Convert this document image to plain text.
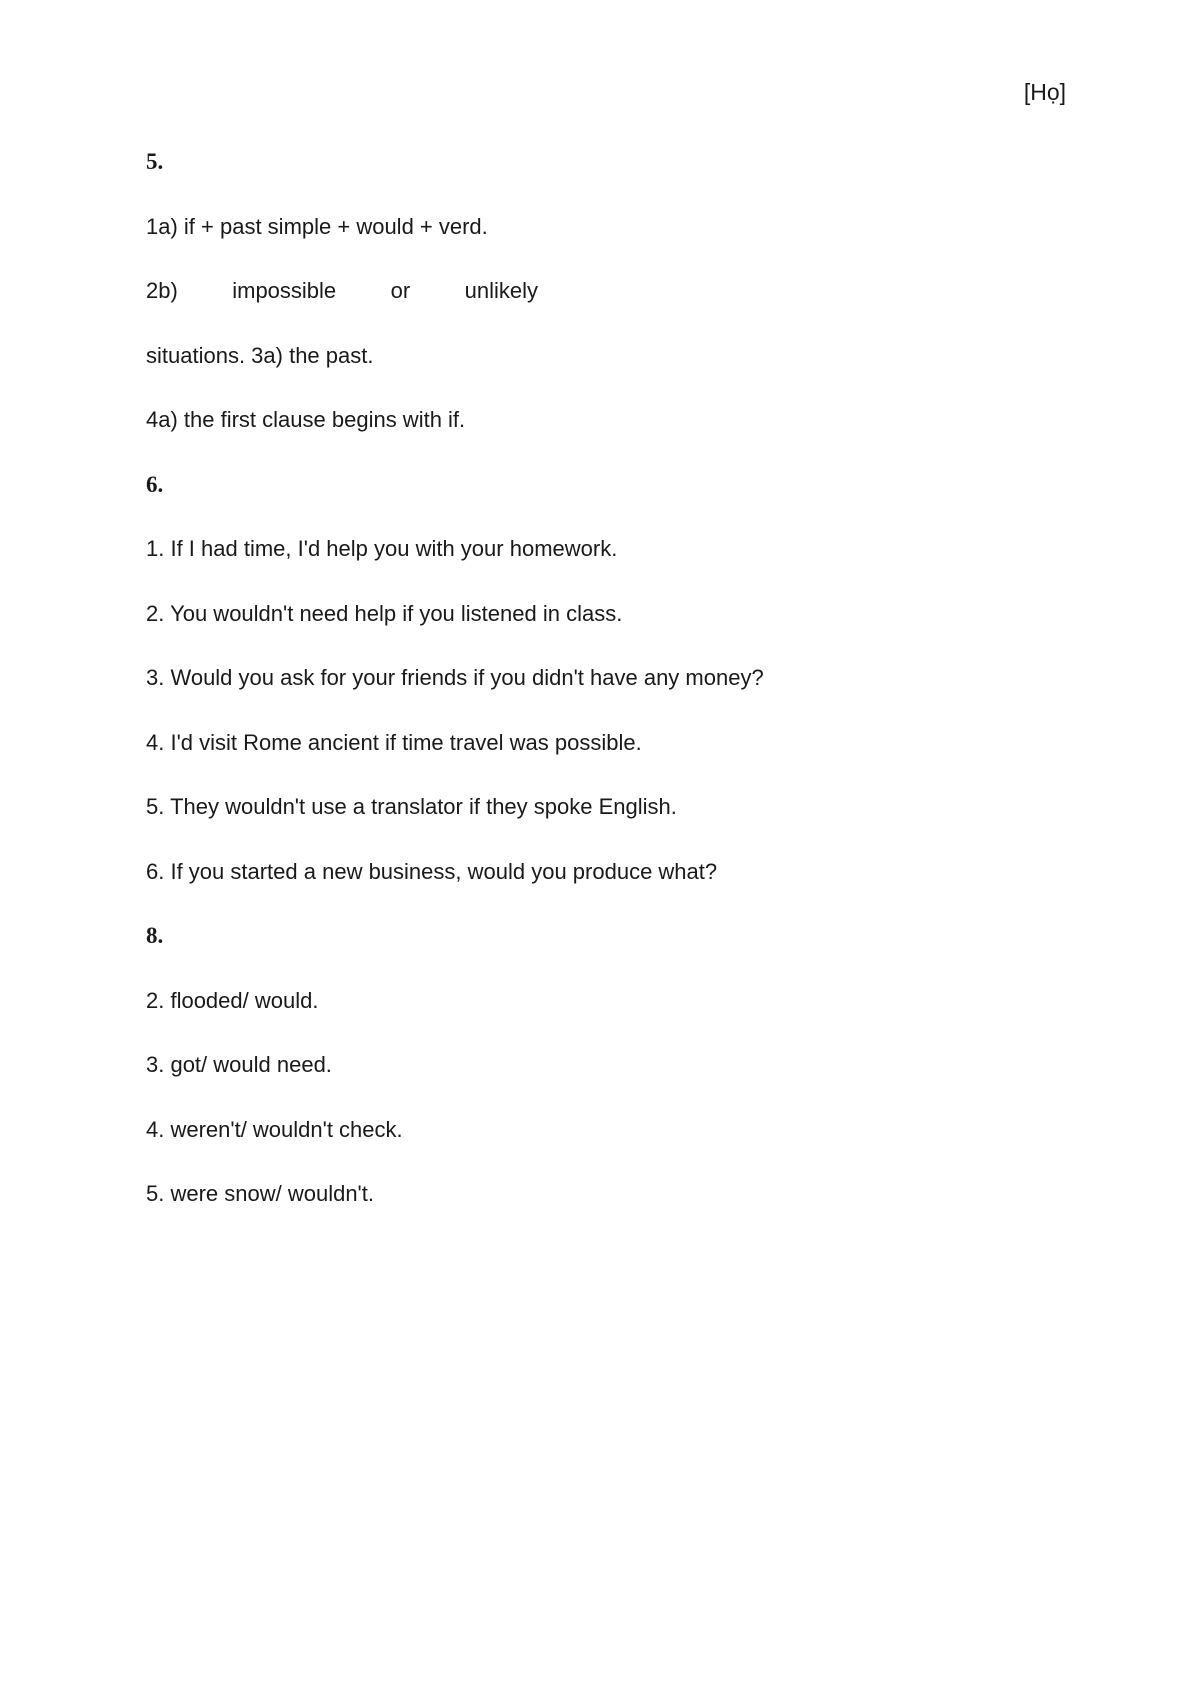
[Họ]
5.
1a) if + past simple + would + verd.
2b) impossible or unlikely
situations. 3a) the past.
4a) the first clause begins with if.
6.
1. If I had time, I'd help you with your homework.
2. You wouldn't need help if you listened in class.
3. Would you ask for your friends if you didn't have any money?
4. I'd visit Rome ancient if time travel was possible.
5. They wouldn't use a translator if they spoke English.
6. If you started a new business, would you produce what?
8.
2. flooded/ would.
3. got/ would need.
4. weren't/ wouldn't check.
5. were snow/ wouldn't.
